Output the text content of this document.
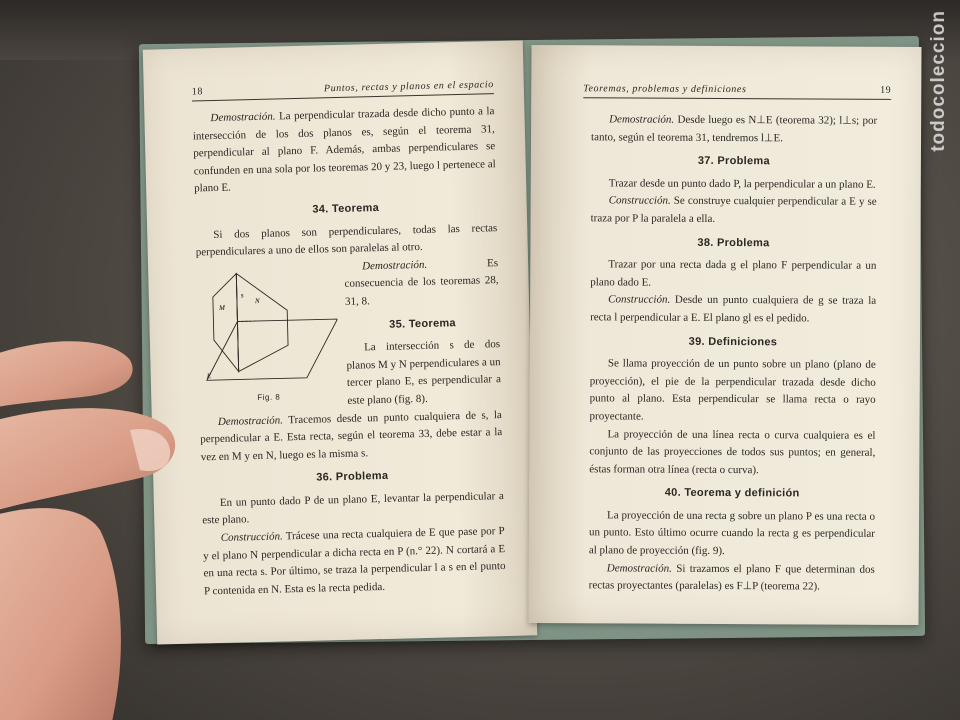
18	Puntos, rectas y planos en el espacio

Demostración. La perpendicular trazada desde dicho punto a la intersección de los dos planos es, según el teorema 31, perpendicular al plano F. Además, ambas perpendiculares se confunden en una sola por los teoremas 20 y 23, luego l pertenece al plano E.

34. Teorema

Si dos planos son perpendiculares, todas las rectas perpendiculares a uno de ellos son paralelas al otro.

M
N
s
E
Fig. 8

Demostración. Es consecuencia de los teoremas 28, 31, 8.

35. Teorema

La intersección s de dos planos M y N perpendiculares a un tercer plano E, es perpendicular a este plano (fig. 8).

Demostración. Tracemos desde un punto cualquiera de s, la perpendicular a E. Esta recta, según el teorema 33, debe estar a la vez en M y en N, luego es la misma s.

36. Problema

En un punto dado P de un plano E, levantar la perpendicular a este plano.

Construcción. Trácese una recta cualquiera de E que pase por P y el plano N perpendicular a dicha recta en P (n.° 22). N cortará a E en una recta s. Por último, se traza la perpendicular l a s en el punto P contenida en N. Esta es la recta pedida.

Teoremas, problemas y definiciones	19

Demostración. Desde luego es N⊥E (teorema 32); l⊥s; por tanto, según el teorema 31, tendremos l⊥E.

37. Problema

Trazar desde un punto dado P, la perpendicular a un plano E.

Construcción. Se construye cualquier perpendicular a E y se traza por P la paralela a ella.

38. Problema

Trazar por una recta dada g el plano F perpendicular a un plano dado E.

Construcción. Desde un punto cualquiera de g se traza la recta l perpendicular a E. El plano gl es el pedido.

39. Definiciones

Se llama proyección de un punto sobre un plano (plano de proyección), el pie de la perpendicular trazada desde dicho punto al plano. Esta perpendicular se llama recta o rayo proyectante.

La proyección de una línea recta o curva cualquiera es el conjunto de las proyecciones de todos sus puntos; en general, éstas forman otra línea (recta o curva).

40. Teorema y definición

La proyección de una recta g sobre un plano P es una recta o un punto. Esto último ocurre cuando la recta g es perpendicular al plano de proyección (fig. 9).

Demostración. Si trazamos el plano F que determinan dos rectas proyectantes (paralelas) es F⊥P (teorema 22).

todocoleccion
